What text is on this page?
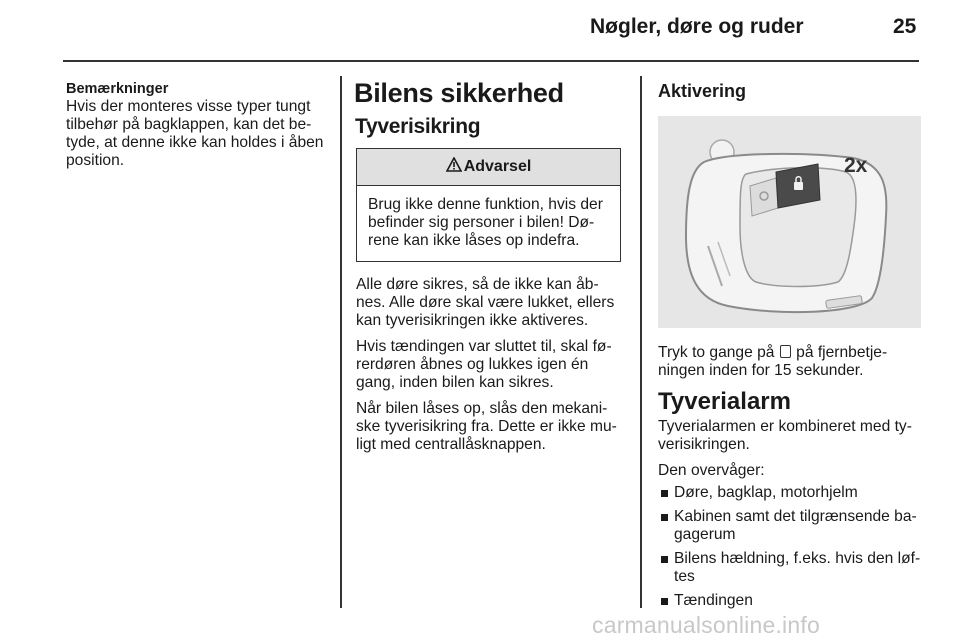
Nøgler, døre og ruder	25
Bemærkninger
Hvis der monteres visse typer tungt tilbehør på bagklappen, kan det be-tyde, at denne ikke kan holdes i åben position.
Bilens sikkerhed
Tyverisikring
Advarsel
Brug ikke denne funktion, hvis der befinder sig personer i bilen! Dø-rene kan ikke låses op indefra.
Alle døre sikres, så de ikke kan åb-nes. Alle døre skal være lukket, ellers kan tyverisikringen ikke aktiveres.
Hvis tændingen var sluttet til, skal fø-rerdøren åbnes og lukkes igen én gang, inden bilen kan sikres.
Når bilen låses op, slås den mekani-ske tyverisikring fra. Dette er ikke mu-ligt med centrallåsknappen.
Aktivering
2x
Tryk to gange på på fjernbetje-ningen inden for 15 sekunder.
Tyverialarm
Tyverialarmen er kombineret med ty-verisikringen.
Den overvåger:
Døre, bagklap, motorhjelm
Kabinen samt det tilgrænsende ba-gagerum
Bilens hældning, f.eks. hvis den løf-tes
Tændingen
carmanualsonline.info
